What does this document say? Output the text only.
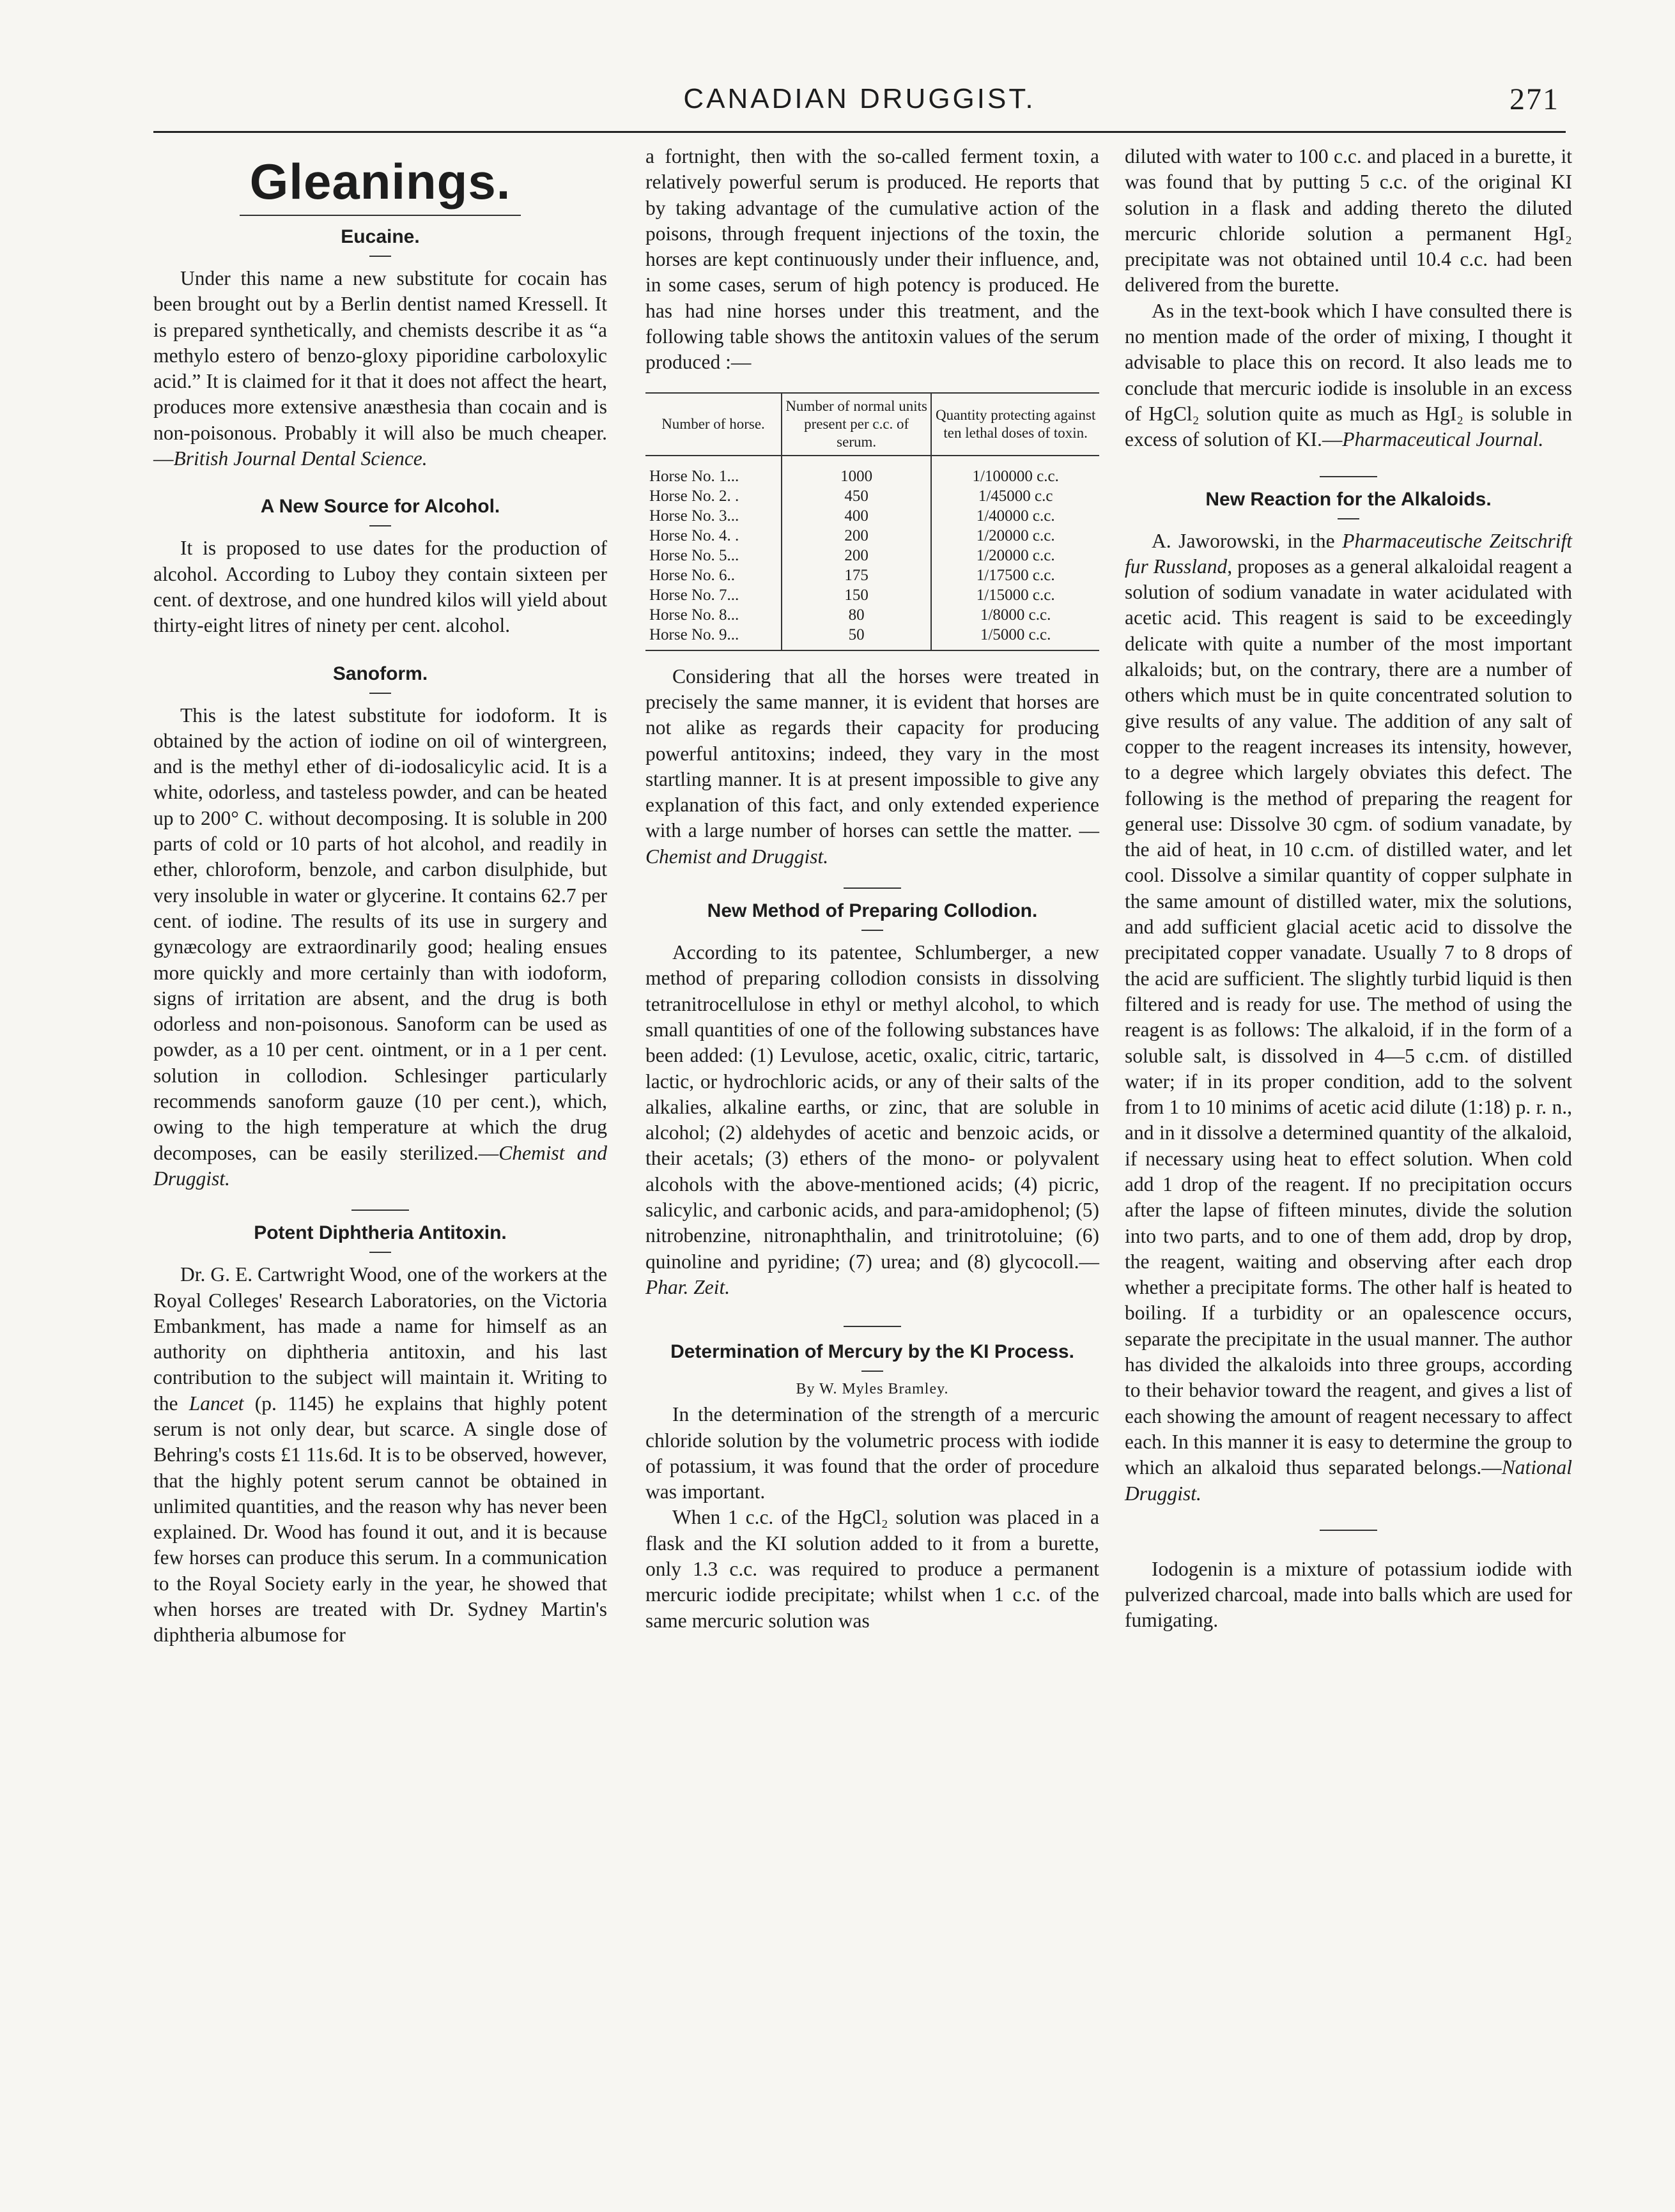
CANADIAN DRUGGIST.	271
Gleanings.
Eucaine.

Under this name a new substitute for cocain has been brought out by a Berlin dentist named Kressell. It is prepared synthetically, and chemists describe it as “a methylo estero of benzo-gloxy piporidine carboloxylic acid.” It is claimed for it that it does not affect the heart, produces more extensive anæsthesia than cocain and is non-poisonous. Probably it will also be much cheaper.—British Journal Dental Science.

A New Source for Alcohol.

It is proposed to use dates for the production of alcohol. According to Luboy they contain sixteen per cent. of dextrose, and one hundred kilos will yield about thirty-eight litres of ninety per cent. alcohol.

Sanoform.

This is the latest substitute for iodoform. It is obtained by the action of iodine on oil of wintergreen, and is the methyl ether of di-iodosalicylic acid. It is a white, odorless, and tasteless powder, and can be heated up to 200° C. without decomposing. It is soluble in 200 parts of cold or 10 parts of hot alcohol, and readily in ether, chloroform, benzole, and carbon disulphide, but very insoluble in water or glycerine. It contains 62.7 per cent. of iodine. The results of its use in surgery and gynæcology are extraordinarily good; healing ensues more quickly and more certainly than with iodoform, signs of irritation are absent, and the drug is both odorless and non-poisonous. Sanoform can be used as powder, as a 10 per cent. ointment, or in a 1 per cent. solution in collodion. Schlesinger particularly recommends sanoform gauze (10 per cent.), which, owing to the high temperature at which the drug decomposes, can be easily sterilized.—Chemist and Druggist.

Potent Diphtheria Antitoxin.

Dr. G. E. Cartwright Wood, one of the workers at the Royal Colleges' Research Laboratories, on the Victoria Embankment, has made a name for himself as an authority on diphtheria antitoxin, and his last contribution to the subject will maintain it. Writing to the Lancet (p. 1145) he explains that highly potent serum is not only dear, but scarce. A single dose of Behring's costs £1 11s.6d. It is to be observed, however, that the highly potent serum cannot be obtained in unlimited quantities, and the reason why has never been explained. Dr. Wood has found it out, and it is because few horses can produce this serum. In a communication to the Royal Society early in the year, he showed that when horses are treated with Dr. Sydney Martin's diphtheria albumose for

a fortnight, then with the so-called ferment toxin, a relatively powerful serum is produced. He reports that by taking advantage of the cumulative action of the poisons, through frequent injections of the toxin, the horses are kept continuously under their influence, and, in some cases, serum of high potency is produced. He has had nine horses under this treatment, and the following table shows the antitoxin values of the serum produced :—

Number of horse.	Number of normal units present per c.c. of serum.	Quantity protecting against ten lethal doses of toxin.
Horse No. 1...	1000	1/100000 c.c.
Horse No. 2. .	450	1/45000 c.c
Horse No. 3...	400	1/40000 c.c.
Horse No. 4. .	200	1/20000 c.c.
Horse No. 5...	200	1/20000 c.c.
Horse No. 6..	175	1/17500 c.c.
Horse No. 7...	150	1/15000 c.c.
Horse No. 8...	80	1/8000 c.c.
Horse No. 9...	50	1/5000 c.c.

Considering that all the horses were treated in precisely the same manner, it is evident that horses are not alike as regards their capacity for producing powerful antitoxins; indeed, they vary in the most startling manner. It is at present impossible to give any explanation of this fact, and only extended experience with a large number of horses can settle the matter. — Chemist and Druggist.

New Method of Preparing Collodion.

According to its patentee, Schlumberger, a new method of preparing collodion consists in dissolving tetranitrocellulose in ethyl or methyl alcohol, to which small quantities of one of the following substances have been added: (1) Levulose, acetic, oxalic, citric, tartaric, lactic, or hydrochloric acids, or any of their salts of the alkalies, alkaline earths, or zinc, that are soluble in alcohol; (2) aldehydes of acetic and benzoic acids, or their acetals; (3) ethers of the mono- or polyvalent alcohols with the above-mentioned acids; (4) picric, salicylic, and carbonic acids, and para-amidophenol; (5) nitrobenzine, nitronaphthalin, and trinitrotoluine; (6) quinoline and pyridine; (7) urea; and (8) glycocoll.—Phar. Zeit.

Determination of Mercury by the KI Process.
By W. Myles Bramley.

In the determination of the strength of a mercuric chloride solution by the volumetric process with iodide of potassium, it was found that the order of procedure was important.

When 1 c.c. of the HgCl₂ solution was placed in a flask and the KI solution added to it from a burette, only 1.3 c.c. was required to produce a permanent mercuric iodide precipitate; whilst when 1 c.c. of the same mercuric solution was

diluted with water to 100 c.c. and placed in a burette, it was found that by putting 5 c.c. of the original KI solution in a flask and adding thereto the diluted mercuric chloride solution a permanent HgI₂ precipitate was not obtained until 10.4 c.c. had been delivered from the burette.

As in the text-book which I have consulted there is no mention made of the order of mixing, I thought it advisable to place this on record. It also leads me to conclude that mercuric iodide is insoluble in an excess of HgCl₂ solution quite as much as HgI₂ is soluble in excess of solution of KI.—Pharmaceutical Journal.

New Reaction for the Alkaloids.

A. Jaworowski, in the Pharmaceutische Zeitschrift fur Russland, proposes as a general alkaloidal reagent a solution of sodium vanadate in water acidulated with acetic acid. This reagent is said to be exceedingly delicate with quite a number of the most important alkaloids; but, on the contrary, there are a number of others which must be in quite concentrated solution to give results of any value. The addition of any salt of copper to the reagent increases its intensity, however, to a degree which largely obviates this defect. The following is the method of preparing the reagent for general use: Dissolve 30 cgm. of sodium vanadate, by the aid of heat, in 10 c.cm. of distilled water, and let cool. Dissolve a similar quantity of copper sulphate in the same amount of distilled water, mix the solutions, and add sufficient glacial acetic acid to dissolve the precipitated copper vanadate. Usually 7 to 8 drops of the acid are sufficient. The slightly turbid liquid is then filtered and is ready for use. The method of using the reagent is as follows: The alkaloid, if in the form of a soluble salt, is dissolved in 4—5 c.cm. of distilled water; if in its proper condition, add to the solvent from 1 to 10 minims of acetic acid dilute (1:18) p. r. n., and in it dissolve a determined quantity of the alkaloid, if necessary using heat to effect solution. When cold add 1 drop of the reagent. If no precipitation occurs after the lapse of fifteen minutes, divide the solution into two parts, and to one of them add, drop by drop, the reagent, waiting and observing after each drop whether a precipitate forms. The other half is heated to boiling. If a turbidity or an opalescence occurs, separate the precipitate in the usual manner. The author has divided the alkaloids into three groups, according to their behavior toward the reagent, and gives a list of each showing the amount of reagent necessary to affect each. In this manner it is easy to determine the group to which an alkaloid thus separated belongs.—National Druggist.

Iodogenin is a mixture of potassium iodide with pulverized charcoal, made into balls which are used for fumigating.
